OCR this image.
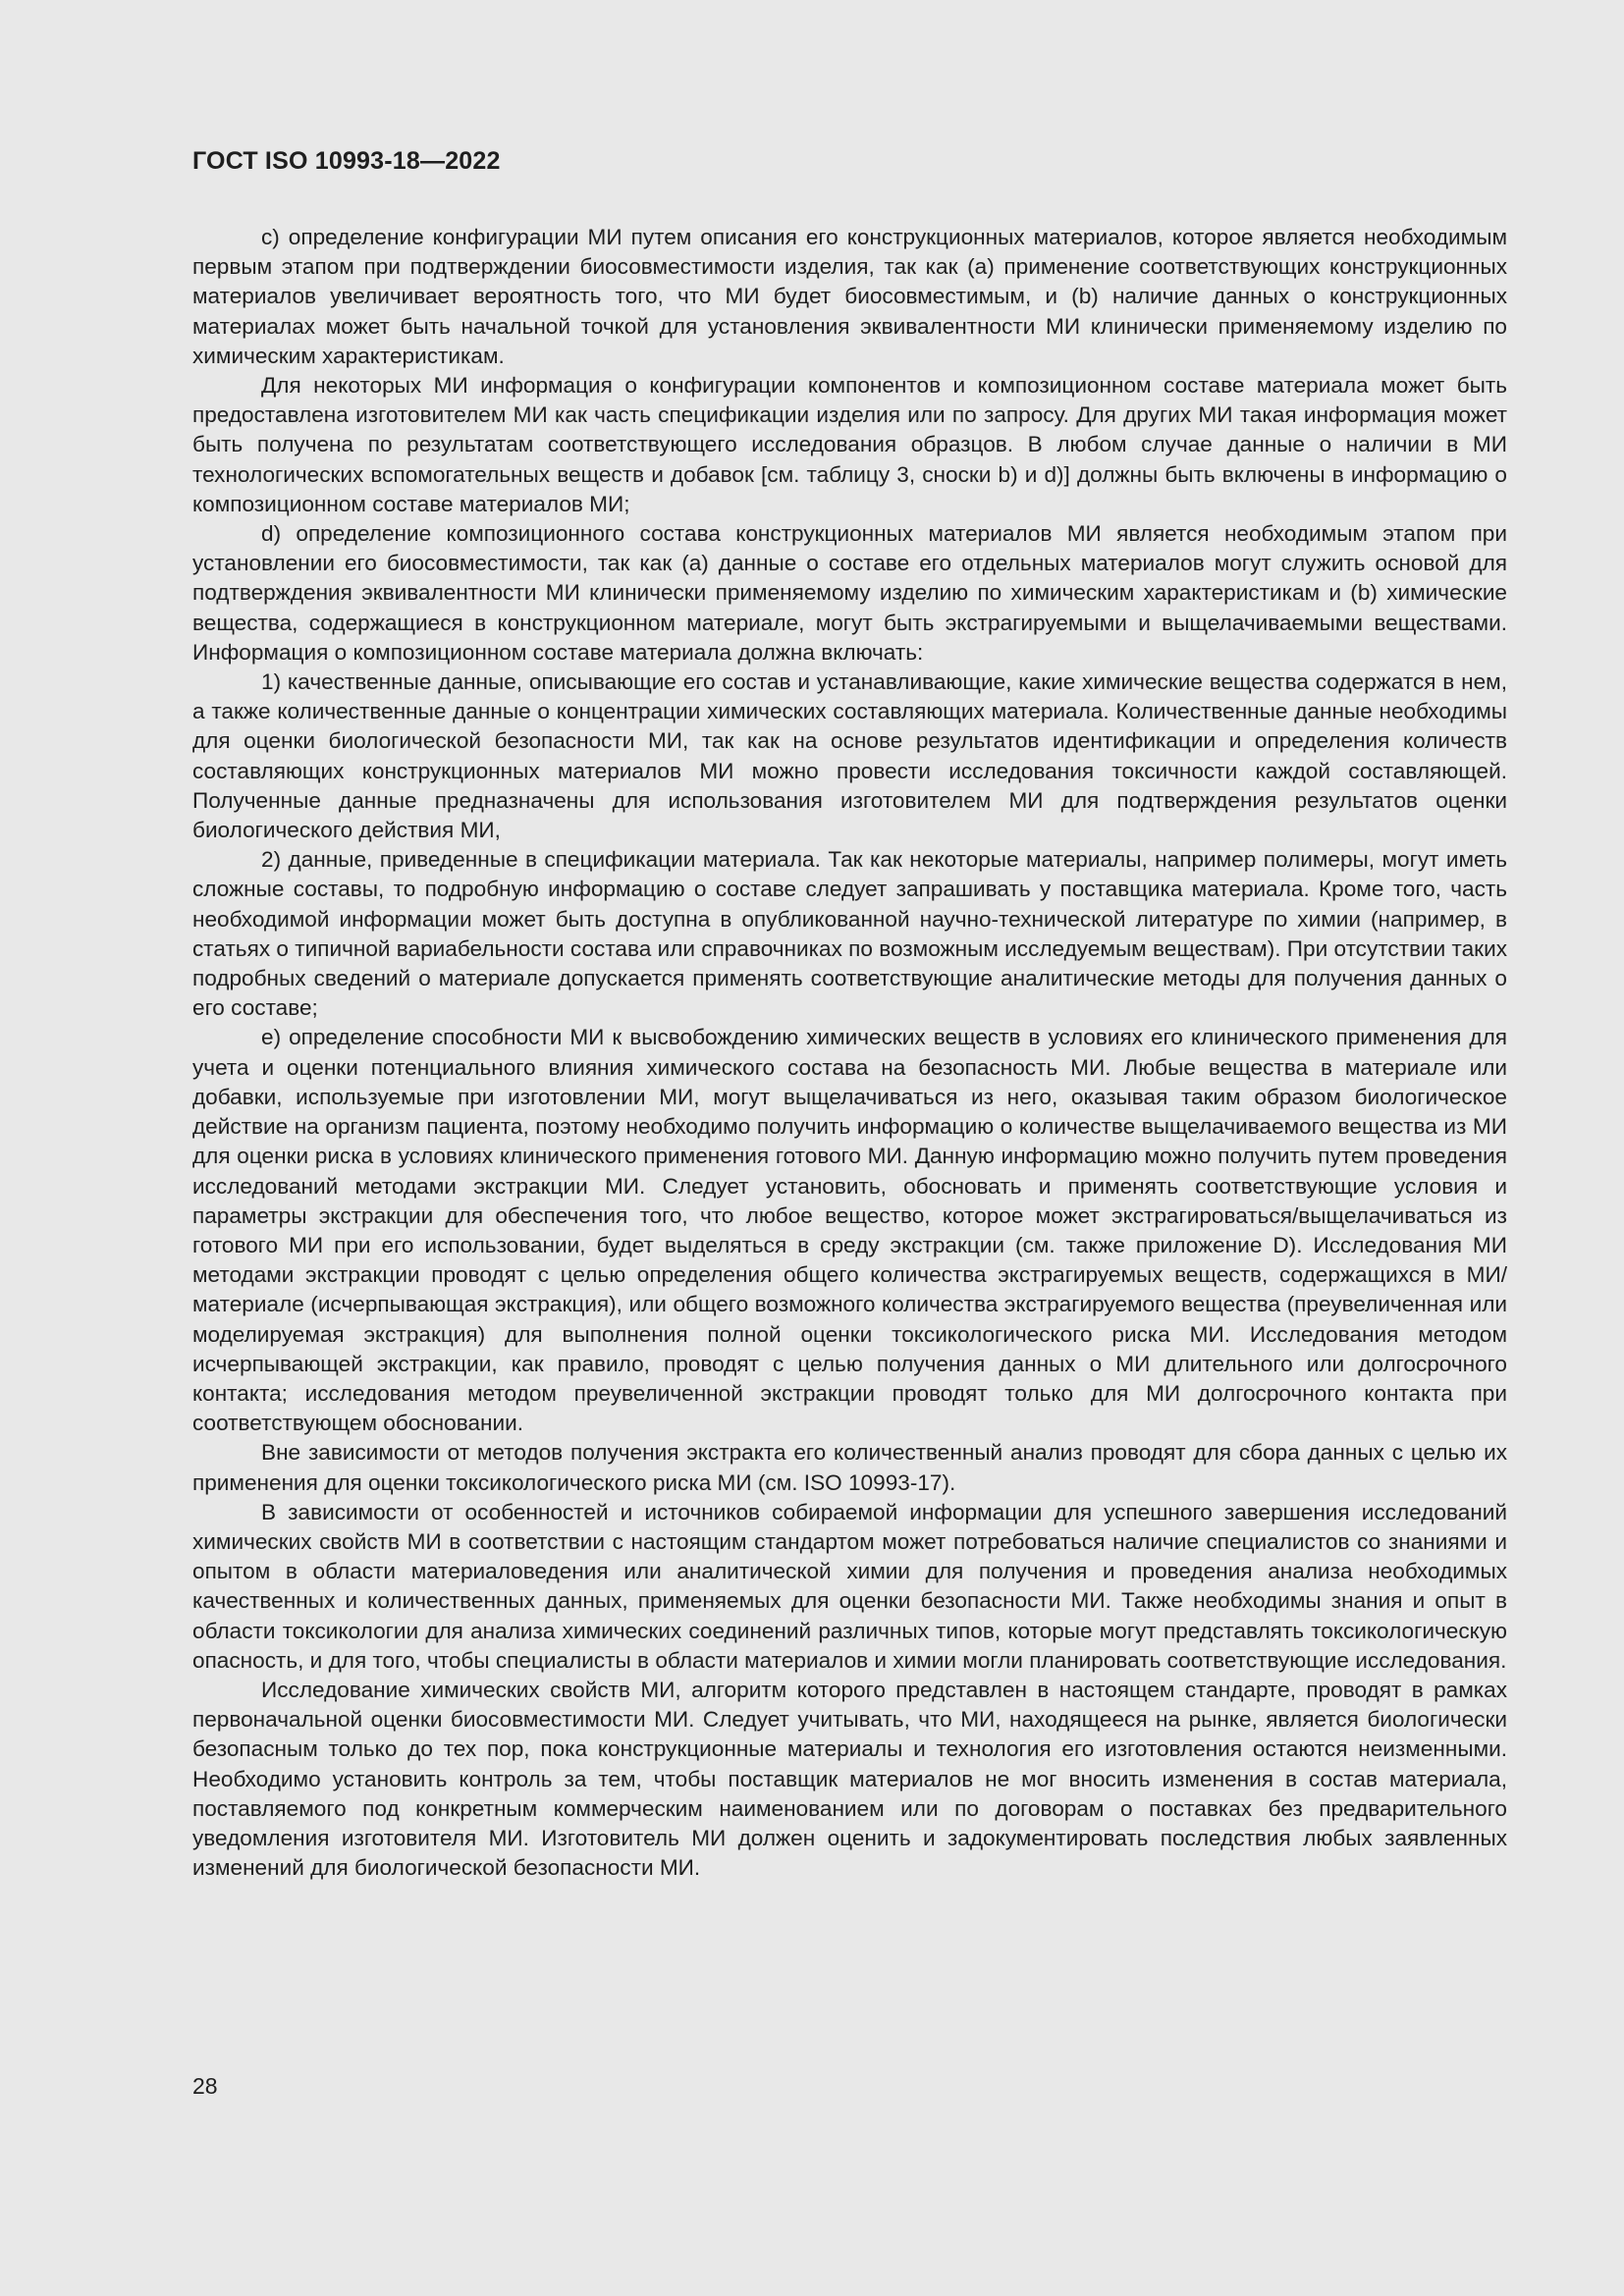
ГОСТ ISO 10993-18—2022

c) определение конфигурации МИ путем описания его конструкционных материалов, которое является необходимым первым этапом при подтверждении биосовместимости изделия, так как (a) применение соответствующих конструкционных материалов увеличивает вероятность того, что МИ будет биосовместимым, и (b) наличие данных о конструкционных материалах может быть начальной точкой для установления эквивалентности МИ клинически применяемому изделию по химическим характеристикам.

Для некоторых МИ информация о конфигурации компонентов и композиционном составе материала может быть предоставлена изготовителем МИ как часть спецификации изделия или по запросу. Для других МИ такая информация может быть получена по результатам соответствующего исследования образцов. В любом случае данные о наличии в МИ технологических вспомогательных веществ и добавок [см. таблицу 3, сноски b) и d)] должны быть включены в информацию о композиционном составе материалов МИ;

d) определение композиционного состава конструкционных материалов МИ является необходимым этапом при установлении его биосовместимости, так как (a) данные о составе его отдельных материалов могут служить основой для подтверждения эквивалентности МИ клинически применяемому изделию по химическим характеристикам и (b) химические вещества, содержащиеся в конструкционном материале, могут быть экстрагируемыми и выщелачиваемыми веществами. Информация о композиционном составе материала должна включать:

1) качественные данные, описывающие его состав и устанавливающие, какие химические вещества содержатся в нем, а также количественные данные о концентрации химических составляющих материала. Количественные данные необходимы для оценки биологической безопасности МИ, так как на основе результатов идентификации и определения количеств составляющих конструкционных материалов МИ можно провести исследования токсичности каждой составляющей. Полученные данные предназначены для использования изготовителем МИ для подтверждения результатов оценки биологического действия МИ,

2) данные, приведенные в спецификации материала. Так как некоторые материалы, например полимеры, могут иметь сложные составы, то подробную информацию о составе следует запрашивать у поставщика материала. Кроме того, часть необходимой информации может быть доступна в опубликованной научно-технической литературе по химии (например, в статьях о типичной вариабельности состава или справочниках по возможным исследуемым веществам). При отсутствии таких подробных сведений о материале допускается применять соответствующие аналитические методы для получения данных о его составе;

e) определение способности МИ к высвобождению химических веществ в условиях его клинического применения для учета и оценки потенциального влияния химического состава на безопасность МИ. Любые вещества в материале или добавки, используемые при изготовлении МИ, могут выщелачиваться из него, оказывая таким образом биологическое действие на организм пациента, поэтому необходимо получить информацию о количестве выщелачиваемого вещества из МИ для оценки риска в условиях клинического применения готового МИ. Данную информацию можно получить путем проведения исследований методами экстракции МИ. Следует установить, обосновать и применять соответствующие условия и параметры экстракции для обеспечения того, что любое вещество, которое может экстрагироваться/выщелачиваться из готового МИ при его использовании, будет выделяться в среду экстракции (см. также приложение D). Исследования МИ методами экстракции проводят с целью определения общего количества экстрагируемых веществ, содержащихся в МИ/материале (исчерпывающая экстракция), или общего возможного количества экстрагируемого вещества (преувеличенная или моделируемая экстракция) для выполнения полной оценки токсикологического риска МИ. Исследования методом исчерпывающей экстракции, как правило, проводят с целью получения данных о МИ длительного или долгосрочного контакта; исследования методом преувеличенной экстракции проводят только для МИ долгосрочного контакта при соответствующем обосновании.

Вне зависимости от методов получения экстракта его количественный анализ проводят для сбора данных с целью их применения для оценки токсикологического риска МИ (см. ISO 10993-17).

В зависимости от особенностей и источников собираемой информации для успешного завершения исследований химических свойств МИ в соответствии с настоящим стандартом может потребоваться наличие специалистов со знаниями и опытом в области материаловедения или аналитической химии для получения и проведения анализа необходимых качественных и количественных данных, применяемых для оценки безопасности МИ. Также необходимы знания и опыт в области токсикологии для анализа химических соединений различных типов, которые могут представлять токсикологическую опасность, и для того, чтобы специалисты в области материалов и химии могли планировать соответствующие исследования.

Исследование химических свойств МИ, алгоритм которого представлен в настоящем стандарте, проводят в рамках первоначальной оценки биосовместимости МИ. Следует учитывать, что МИ, находящееся на рынке, является биологически безопасным только до тех пор, пока конструкционные материалы и технология его изготовления остаются неизменными. Необходимо установить контроль за тем, чтобы поставщик материалов не мог вносить изменения в состав материала, поставляемого под конкретным коммерческим наименованием или по договорам о поставках без предварительного уведомления изготовителя МИ. Изготовитель МИ должен оценить и задокументировать последствия любых заявленных изменений для биологической безопасности МИ.

28
